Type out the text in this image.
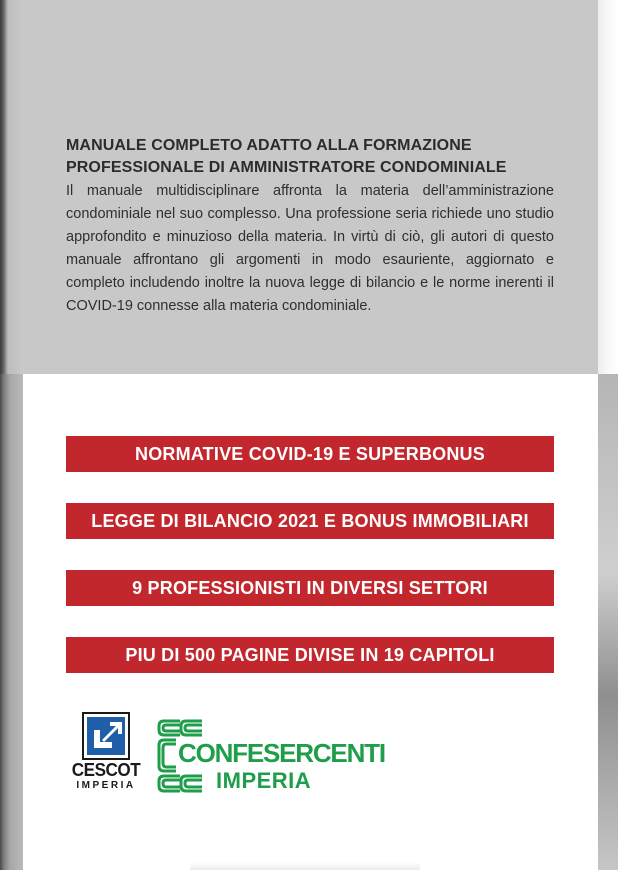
MANUALE COMPLETO ADATTO ALLA FORMAZIONE
PROFESSIONALE DI AMMINISTRATORE CONDOMINIALE
Il manuale multidisciplinare affronta la materia dell’amministrazione condominiale nel suo complesso. Una professione seria richiede uno studio approfondito e minuzioso della materia. In virtù di ciò, gli autori di questo manuale affrontano gli argomenti in modo esauriente, aggiornato e completo includendo inoltre la nuova legge di bilancio e le norme inerenti il COVID-19 connesse alla materia condominiale.
NORMATIVE COVID-19 E SUPERBONUS
LEGGE DI BILANCIO 2021 E BONUS IMMOBILIARI
9 PROFESSIONISTI IN DIVERSI SETTORI
PIU DI 500 PAGINE DIVISE IN 19 CAPITOLI
CESCOT
IMPERIA
CONFESERCENTI
IMPERIA
